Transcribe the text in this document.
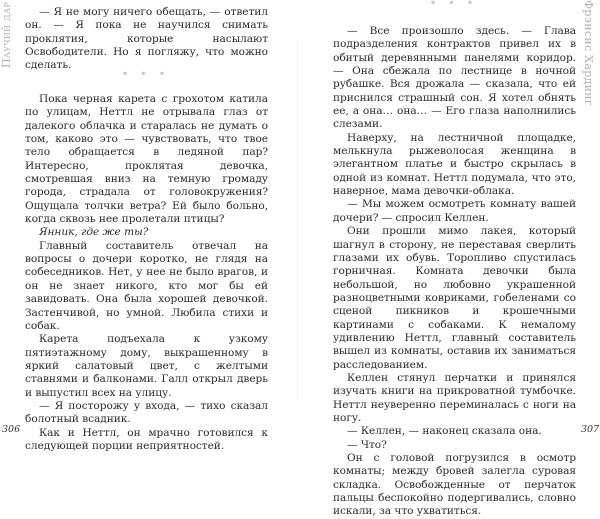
Паучий дар	— Я не могу ничего обещать, — ответил он. — Я пока не научился снимать проклятия, которые насылают Освободители. Но я погляжу, что можно сделать.

* * *

Пока черная карета с грохотом катила по улицам, Неттл не отрывала глаз от далекого облачка и старалась не думать о том, каково это — чувствовать, что твое тело обращается в ледяной пар? Интересно, проклятая девочка, смотревшая вниз на темную громаду города, страдала от головокружения? Ощущала толчки ветра? Ей было больно, когда сквозь нее пролетали птицы?

Янник, где же ты?

Главный составитель отвечал на вопросы о дочери коротко, не глядя на собеседников. Нет, у нее не было врагов, и он не знает никого, кто мог бы ей завидовать. Она была хорошей девочкой. Застенчивой, но умной. Любила стихи и собак.

Карета подъехала к узкому пятиэтажному дому, выкрашенному в яркий салатовый цвет, с желтыми ставнями и балконами. Галл открыл дверь и выпустил всех на улицу.

— Я посторожу у входа, — тихо сказал болотный всадник.

Как и Неттл, он мрачно готовился к следующей порции неприятностей.

306
* * *

— Все произошло здесь. — Глава подразделения контрактов привел их в обитый деревянными панелями коридор. — Она сбежала по лестнице в ночной рубашке. Вся дрожала — сказала, что ей приснился страшный сон. Я хотел обнять ее, а она… она… — Его глаза наполнились слезами.

Наверху, на лестничной площадке, мелькнула рыжеволосая женщина в элегантном платье и быстро скрылась в одной из комнат. Неттл подумала, что это, наверное, мама девочки-облака.

— Мы можем осмотреть комнату вашей дочери? — спросил Келлен.

Они прошли мимо лакея, который шагнул в сторону, не переставая сверлить глазами их обувь. Торопливо спустилась горничная. Комната девочки была небольшой, но любовно украшенной разноцветными ковриками, гобеленами со сценой пикников и крошечными картинами с собаками. К немалому удивлению Неттл, главный составитель вышел из комнаты, оставив их заниматься расследованием.

Келлен стянул перчатки и принялся изучать книги на прикроватной тумбочке. Неттл неуверенно переминалась с ноги на ногу.

— Келлен, — наконец сказала она.

— Что?

Он с головой погрузился в осмотр комнаты; между бровей залегла суровая складка. Освобожденные от перчаток пальцы беспокойно подергивались, словно искали, за что ухватиться.

Фрэнсис Хардинг
307
